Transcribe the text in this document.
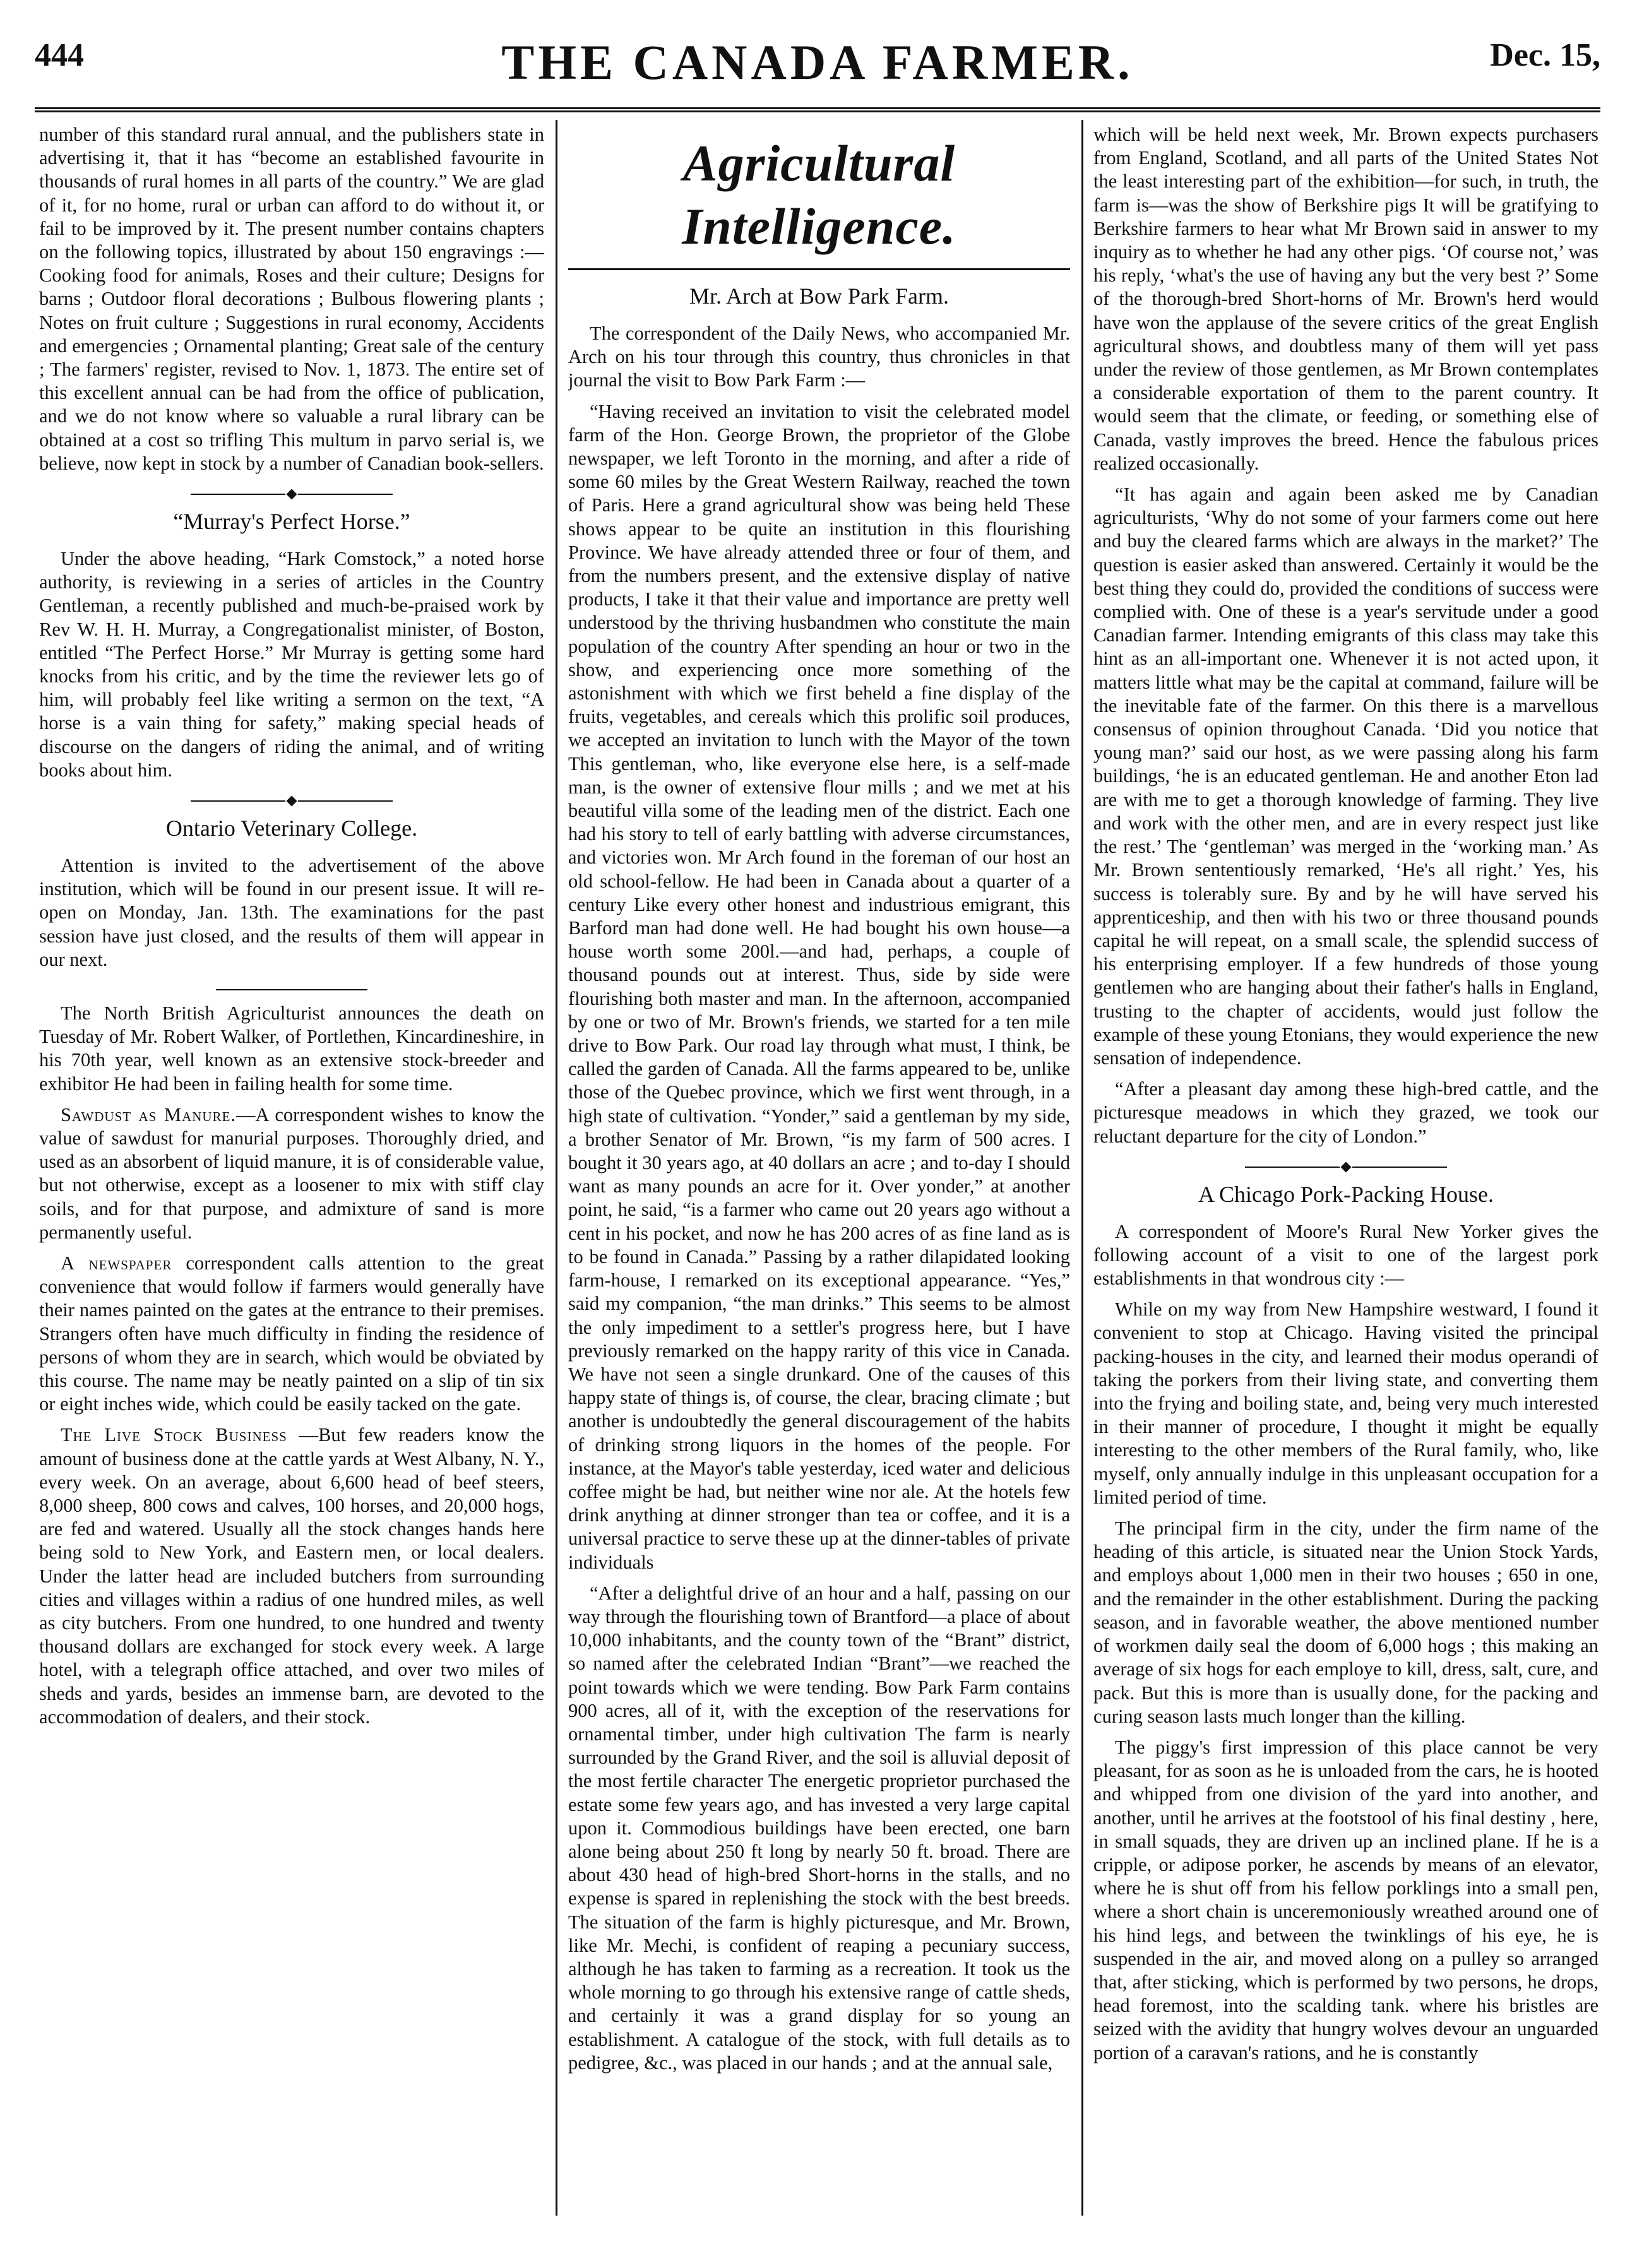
444	THE CANADA FARMER.	Dec. 15,

number of this standard rural annual, and the publishers state in advertising it, that it has “become an established favourite in thousands of rural homes in all parts of the country.” We are glad of it, for no home, rural or urban can afford to do without it, or fail to be improved by it. The present number contains chapters on the following topics, illustrated by about 150 engravings :—Cooking food for animals, Roses and their culture; Designs for barns ; Outdoor floral decorations ; Bulbous flowering plants ; Notes on fruit culture ; Suggestions in rural economy, Accidents and emergencies ; Ornamental planting; Great sale of the century ; The farmers' register, revised to Nov. 1, 1873. The entire set of this excellent annual can be had from the office of publication, and we do not know where so valuable a rural library can be obtained at a cost so trifling This multum in parvo serial is, we believe, now kept in stock by a number of Canadian book-sellers.

“Murray's Perfect Horse.”

Under the above heading, “Hark Comstock,” a noted horse authority, is reviewing in a series of articles in the Country Gentleman, a recently published and much-be-praised work by Rev W. H. H. Murray, a Congregationalist minister, of Boston, entitled “The Perfect Horse.” Mr Murray is getting some hard knocks from his critic, and by the time the reviewer lets go of him, will probably feel like writing a sermon on the text, “A horse is a vain thing for safety,” making special heads of discourse on the dangers of riding the animal, and of writing books about him.

Ontario Veterinary College.

Attention is invited to the advertisement of the above institution, which will be found in our present issue. It will re-open on Monday, Jan. 13th. The examinations for the past session have just closed, and the results of them will appear in our next.

The North British Agriculturist announces the death on Tuesday of Mr. Robert Walker, of Portlethen, Kincardineshire, in his 70th year, well known as an extensive stock-breeder and exhibitor He had been in failing health for some time.

Sawdust as Manure.—A correspondent wishes to know the value of sawdust for manurial purposes. Thoroughly dried, and used as an absorbent of liquid manure, it is of considerable value, but not otherwise, except as a loosener to mix with stiff clay soils, and for that purpose, and admixture of sand is more permanently useful.

A newspaper correspondent calls attention to the great convenience that would follow if farmers would generally have their names painted on the gates at the entrance to their premises. Strangers often have much difficulty in finding the residence of persons of whom they are in search, which would be obviated by this course. The name may be neatly painted on a slip of tin six or eight inches wide, which could be easily tacked on the gate.

The Live Stock Business —But few readers know the amount of business done at the cattle yards at West Albany, N. Y., every week. On an average, about 6,600 head of beef steers, 8,000 sheep, 800 cows and calves, 100 horses, and 20,000 hogs, are fed and watered. Usually all the stock changes hands here being sold to New York, and Eastern men, or local dealers. Under the latter head are included butchers from surrounding cities and villages within a radius of one hundred miles, as well as city butchers. From one hundred, to one hundred and twenty thousand dollars are exchanged for stock every week. A large hotel, with a telegraph office attached, and over two miles of sheds and yards, besides an immense barn, are devoted to the accommodation of dealers, and their stock.

Agricultural Intelligence.
Mr. Arch at Bow Park Farm.

The correspondent of the Daily News, who accompanied Mr. Arch on his tour through this country, thus chronicles in that journal the visit to Bow Park Farm :—

“Having received an invitation to visit the celebrated model farm of the Hon. George Brown, the proprietor of the Globe newspaper, we left Toronto in the morning, and after a ride of some 60 miles by the Great Western Railway, reached the town of Paris. Here a grand agricultural show was being held These shows appear to be quite an institution in this flourishing Province. We have already attended three or four of them, and from the numbers present, and the extensive display of native products, I take it that their value and importance are pretty well understood by the thriving husbandmen who constitute the main population of the country After spending an hour or two in the show, and experiencing once more something of the astonishment with which we first beheld a fine display of the fruits, vegetables, and cereals which this prolific soil produces, we accepted an invitation to lunch with the Mayor of the town This gentleman, who, like everyone else here, is a self-made man, is the owner of extensive flour mills ; and we met at his beautiful villa some of the leading men of the district. Each one had his story to tell of early battling with adverse circumstances, and victories won. Mr Arch found in the foreman of our host an old school-fellow. He had been in Canada about a quarter of a century Like every other honest and industrious emigrant, this Barford man had done well. He had bought his own house—a house worth some 200l.—and had, perhaps, a couple of thousand pounds out at interest. Thus, side by side were flourishing both master and man. In the afternoon, accompanied by one or two of Mr. Brown's friends, we started for a ten mile drive to Bow Park. Our road lay through what must, I think, be called the garden of Canada. All the farms appeared to be, unlike those of the Quebec province, which we first went through, in a high state of cultivation. “Yonder,” said a gentleman by my side, a brother Senator of Mr. Brown, “is my farm of 500 acres. I bought it 30 years ago, at 40 dollars an acre ; and to-day I should want as many pounds an acre for it. Over yonder,” at another point, he said, “is a farmer who came out 20 years ago without a cent in his pocket, and now he has 200 acres of as fine land as is to be found in Canada.” Passing by a rather dilapidated looking farm-house, I remarked on its exceptional appearance. “Yes,” said my companion, “the man drinks.” This seems to be almost the only impediment to a settler's progress here, but I have previously remarked on the happy rarity of this vice in Canada. We have not seen a single drunkard. One of the causes of this happy state of things is, of course, the clear, bracing climate ; but another is undoubtedly the general discouragement of the habits of drinking strong liquors in the homes of the people. For instance, at the Mayor's table yesterday, iced water and delicious coffee might be had, but neither wine nor ale. At the hotels few drink anything at dinner stronger than tea or coffee, and it is a universal practice to serve these up at the dinner-tables of private individuals

“After a delightful drive of an hour and a half, passing on our way through the flourishing town of Brantford—a place of about 10,000 inhabitants, and the county town of the “Brant” district, so named after the celebrated Indian “Brant”—we reached the point towards which we were tending. Bow Park Farm contains 900 acres, all of it, with the exception of the reservations for ornamental timber, under high cultivation The farm is nearly surrounded by the Grand River, and the soil is alluvial deposit of the most fertile character The energetic proprietor purchased the estate some few years ago, and has invested a very large capital upon it. Commodious buildings have been erected, one barn alone being about 250 ft long by nearly 50 ft. broad. There are about 430 head of high-bred Short-horns in the stalls, and no expense is spared in replenishing the stock with the best breeds. The situation of the farm is highly picturesque, and Mr. Brown, like Mr. Mechi, is confident of reaping a pecuniary success, although he has taken to farming as a recreation. It took us the whole morning to go through his extensive range of cattle sheds, and certainly it was a grand display for so young an establishment. A catalogue of the stock, with full details as to pedigree, &c., was placed in our hands ; and at the annual sale,

which will be held next week, Mr. Brown expects purchasers from England, Scotland, and all parts of the United States Not the least interesting part of the exhibition—for such, in truth, the farm is—was the show of Berkshire pigs It will be gratifying to Berkshire farmers to hear what Mr Brown said in answer to my inquiry as to whether he had any other pigs. ‘Of course not,’ was his reply, ‘what's the use of having any but the very best ?’ Some of the thorough-bred Short-horns of Mr. Brown's herd would have won the applause of the severe critics of the great English agricultural shows, and doubtless many of them will yet pass under the review of those gentlemen, as Mr Brown contemplates a considerable exportation of them to the parent country. It would seem that the climate, or feeding, or something else of Canada, vastly improves the breed. Hence the fabulous prices realized occasionally.

“It has again and again been asked me by Canadian agriculturists, ‘Why do not some of your farmers come out here and buy the cleared farms which are always in the market?’ The question is easier asked than answered. Certainly it would be the best thing they could do, provided the conditions of success were complied with. One of these is a year's servitude under a good Canadian farmer. Intending emigrants of this class may take this hint as an all-important one. Whenever it is not acted upon, it matters little what may be the capital at command, failure will be the inevitable fate of the farmer. On this there is a marvellous consensus of opinion throughout Canada. ‘Did you notice that young man?’ said our host, as we were passing along his farm buildings, ‘he is an educated gentleman. He and another Eton lad are with me to get a thorough knowledge of farming. They live and work with the other men, and are in every respect just like the rest.’ The ‘gentleman’ was merged in the ‘working man.’ As Mr. Brown sententiously remarked, ‘He's all right.’ Yes, his success is tolerably sure. By and by he will have served his apprenticeship, and then with his two or three thousand pounds capital he will repeat, on a small scale, the splendid success of his enterprising employer. If a few hundreds of those young gentlemen who are hanging about their father's halls in England, trusting to the chapter of accidents, would just follow the example of these young Etonians, they would experience the new sensation of independence.

“After a pleasant day among these high-bred cattle, and the picturesque meadows in which they grazed, we took our reluctant departure for the city of London.”

A Chicago Pork-Packing House.

A correspondent of Moore's Rural New Yorker gives the following account of a visit to one of the largest pork establishments in that wondrous city :—

While on my way from New Hampshire westward, I found it convenient to stop at Chicago. Having visited the principal packing-houses in the city, and learned their modus operandi of taking the porkers from their living state, and converting them into the frying and boiling state, and, being very much interested in their manner of procedure, I thought it might be equally interesting to the other members of the Rural family, who, like myself, only annually indulge in this unpleasant occupation for a limited period of time.

The principal firm in the city, under the firm name of the heading of this article, is situated near the Union Stock Yards, and employs about 1,000 men in their two houses ; 650 in one, and the remainder in the other establishment. During the packing season, and in favorable weather, the above mentioned number of workmen daily seal the doom of 6,000 hogs ; this making an average of six hogs for each employe to kill, dress, salt, cure, and pack. But this is more than is usually done, for the packing and curing season lasts much longer than the killing.

The piggy's first impression of this place cannot be very pleasant, for as soon as he is unloaded from the cars, he is hooted and whipped from one division of the yard into another, and another, until he arrives at the footstool of his final destiny , here, in small squads, they are driven up an inclined plane. If he is a cripple, or adipose porker, he ascends by means of an elevator, where he is shut off from his fellow porklings into a small pen, where a short chain is unceremoniously wreathed around one of his hind legs, and between the twinklings of his eye, he is suspended in the air, and moved along on a pulley so arranged that, after sticking, which is performed by two persons, he drops, head foremost, into the scalding tank. where his bristles are seized with the avidity that hungry wolves devour an unguarded portion of a caravan's rations, and he is constantly
